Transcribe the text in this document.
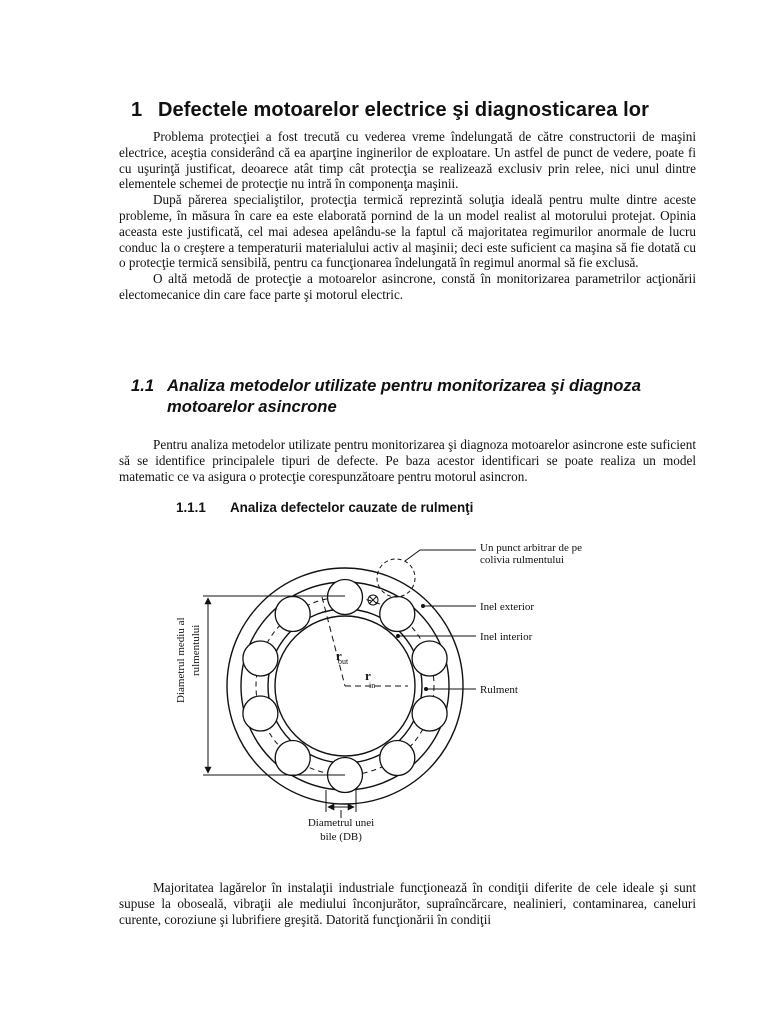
1 Defectele motoarelor electrice şi diagnosticarea lor

Problema protecţiei a fost trecută cu vederea vreme îndelungată de către constructorii de maşini electrice, aceştia considerând că ea aparţine inginerilor de exploatare. Un astfel de punct de vedere, poate fi cu uşurinţă justificat, deoarece atât timp cât protecţia se realizează exclusiv prin relee, nici unul dintre elementele schemei de protecţie nu intră în componenţa maşinii.

După părerea specialiştilor, protecţia termică reprezintă soluţia ideală pentru multe dintre aceste probleme, în măsura în care ea este elaborată pornind de la un model realist al motorului protejat. Opinia aceasta este justificată, cel mai adesea apelându-se la faptul că majoritatea regimurilor anormale de lucru conduc la o creştere a temperaturii materialului activ al maşinii; deci este suficient ca maşina să fie dotată cu o protecţie termică sensibilă, pentru ca funcţionarea îndelungată în regimul anormal să fie exclusă.

O altă metodă de protecţie a motoarelor asincrone, constă în monitorizarea parametrilor acţionării electomecanice din care face parte şi motorul electric.

1.1 Analiza metodelor utilizate pentru monitorizarea şi diagnoza motoarelor asincrone

Pentru analiza metodelor utilizate pentru monitorizarea şi diagnoza motoarelor asincrone este suficient să se identifice principalele tipuri de defecte. Pe baza acestor identificari se poate realiza un model matematic ce va asigura o protecţie corespunzătoare pentru motorul asincron.

1.1.1 Analiza defectelor cauzate de rulmenţi
Diametrul mediu al rulmentului
Un punct arbitrar de pe
colivia rulmentului
Inel exterior
Inel interior
Rulment
r
out
r
in
Diametrul unei
bile (DB)

Majoritatea lagărelor în instalaţii industriale funcţionează în condiţii diferite de cele ideale şi sunt supuse la oboseală, vibraţii ale mediului înconjurător, supraîncărcare, nealinieri, contaminarea, caneluri curente, coroziune şi lubrifiere greşită. Datorită funcţionării în condiţii
